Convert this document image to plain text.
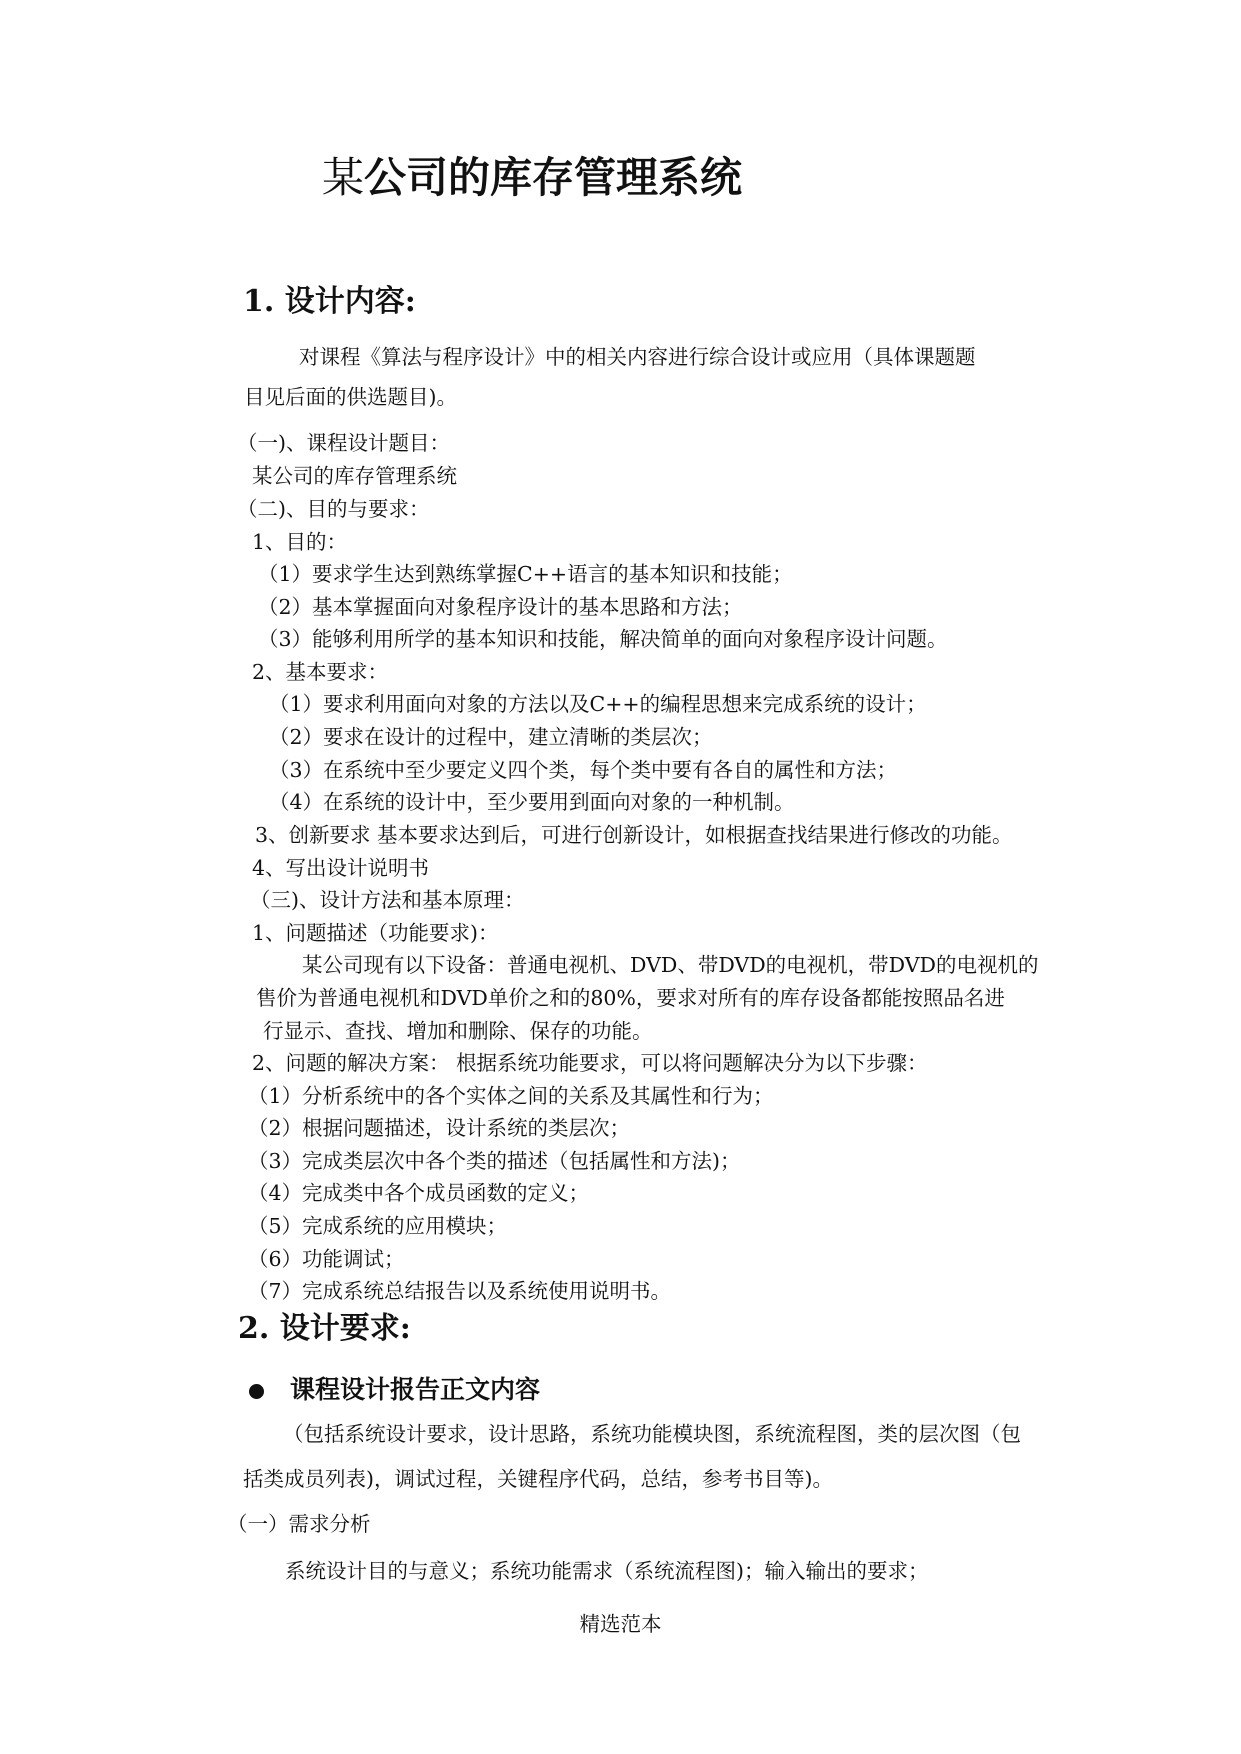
某公司的库存管理系统
1. 设计内容:
对课程《算法与程序设计》中的相关内容进行综合设计或应用（具体课题题
目见后面的供选题目)。
（一)、课程设计题目：
某公司的库存管理系统
（二)、目的与要求：
1、目的：
（1）要求学生达到熟练掌握C++语言的基本知识和技能；
（2）基本掌握面向对象程序设计的基本思路和方法；
（3）能够利用所学的基本知识和技能，解决简单的面向对象程序设计问题。
2、基本要求：
（1）要求利用面向对象的方法以及C++的编程思想来完成系统的设计；
（2）要求在设计的过程中，建立清晰的类层次；
（3）在系统中至少要定义四个类，每个类中要有各自的属性和方法；
（4）在系统的设计中，至少要用到面向对象的一种机制。
3、创新要求 基本要求达到后，可进行创新设计，如根据查找结果进行修改的功能。
4、写出设计说明书
（三)、设计方法和基本原理：
1、问题描述（功能要求)：
某公司现有以下设备：普通电视机、DVD、带DVD的电视机，带DVD的电视机的
售价为普通电视机和DVD单价之和的80%，要求对所有的库存设备都能按照品名进
行显示、查找、增加和删除、保存的功能。
2、问题的解决方案： 根据系统功能要求，可以将问题解决分为以下步骤：
（1）分析系统中的各个实体之间的关系及其属性和行为；
（2）根据问题描述，设计系统的类层次；
（3）完成类层次中各个类的描述（包括属性和方法)；
（4）完成类中各个成员函数的定义；
（5）完成系统的应用模块；
（6）功能调试；
（7）完成系统总结报告以及系统使用说明书。
2. 设计要求:
课程设计报告正文内容
（包括系统设计要求，设计思路，系统功能模块图，系统流程图，类的层次图（包
括类成员列表)，调试过程，关键程序代码，总结，参考书目等)。
（一）需求分析
系统设计目的与意义；系统功能需求（系统流程图)；输入输出的要求；
精选范本
